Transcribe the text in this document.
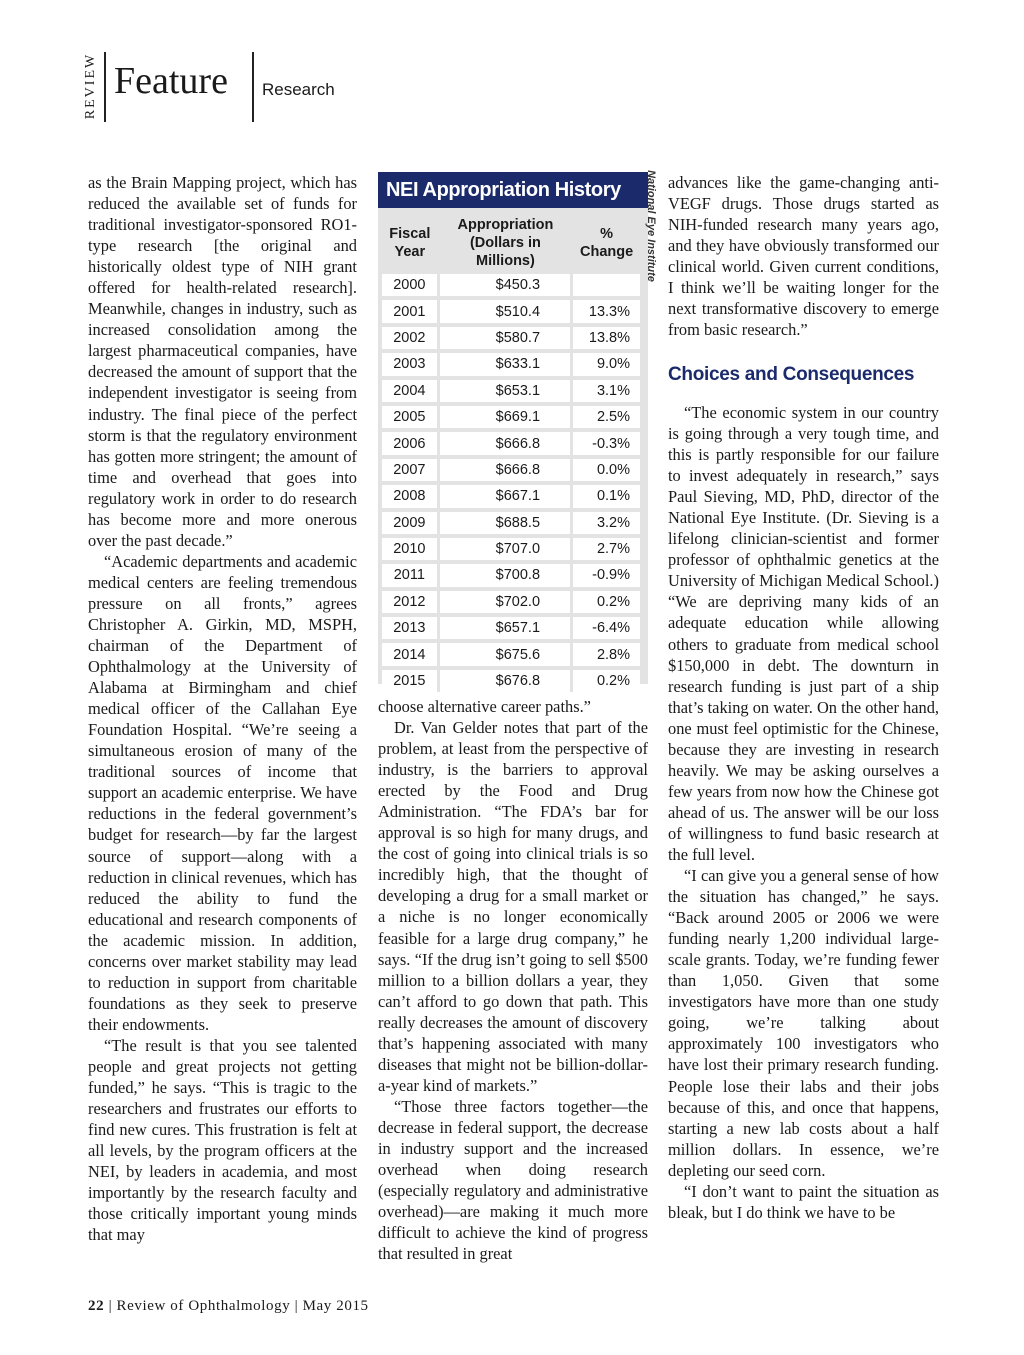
REVIEW Feature Research

as the Brain Mapping project, which has reduced the available set of funds for traditional investigator-sponsored RO1-type research [the original and historically oldest type of NIH grant offered for health-related research]. Meanwhile, changes in industry, such as increased consolidation among the largest pharmaceutical companies, have decreased the amount of support that the independent investigator is seeing from industry. The final piece of the perfect storm is that the regulatory environment has gotten more stringent; the amount of time and overhead that goes into regulatory work in order to do research has become more and more onerous over the past decade.”

“Academic departments and academic medical centers are feeling tremendous pressure on all fronts,” agrees Christopher A. Girkin, MD, MSPH, chairman of the Department of Ophthalmology at the University of Alabama at Birmingham and chief medical officer of the Callahan Eye Foundation Hospital. “We’re seeing a simultaneous erosion of many of the traditional sources of income that support an academic enterprise. We have reductions in the federal government’s budget for research—by far the largest source of support—along with a reduction in clinical revenues, which has reduced the ability to fund the educational and research components of the academic mission. In addition, concerns over market stability may lead to reduction in support from charitable foundations as they seek to preserve their endowments.

“The result is that you see talented people and great projects not getting funded,” he says. “This is tragic to the researchers and frustrates our efforts to find new cures. This frustration is felt at all levels, by the program officers at the NEI, by leaders in academia, and most importantly by the research faculty and those critically important young minds that may

NEI Appropriation History
Fiscal Year	Appropriation (Dollars in Millions)	% Change
2000	$450.3	
2001	$510.4	13.3%
2002	$580.7	13.8%
2003	$633.1	9.0%
2004	$653.1	3.1%
2005	$669.1	2.5%
2006	$666.8	-0.3%
2007	$666.8	0.0%
2008	$667.1	0.1%
2009	$688.5	3.2%
2010	$707.0	2.7%
2011	$700.8	-0.9%
2012	$702.0	0.2%
2013	$657.1	-6.4%
2014	$675.6	2.8%
2015	$676.8	0.2%
National Eye Institute

choose alternative career paths.”

Dr. Van Gelder notes that part of the problem, at least from the perspective of industry, is the barriers to approval erected by the Food and Drug Administration. “The FDA’s bar for approval is so high for many drugs, and the cost of going into clinical trials is so incredibly high, that the thought of developing a drug for a small market or a niche is no longer economically feasible for a large drug company,” he says. “If the drug isn’t going to sell $500 million to a billion dollars a year, they can’t afford to go down that path. This really decreases the amount of discovery that’s happening associated with many diseases that might not be billion-dollar-a-year kind of markets.”

“Those three factors together—the decrease in federal support, the decrease in industry support and the increased overhead when doing research (especially regulatory and administrative overhead)—are making it much more difficult to achieve the kind of progress that resulted in great

advances like the game-changing anti-VEGF drugs. Those drugs started as NIH-funded research many years ago, and they have obviously transformed our clinical world. Given current conditions, I think we’ll be waiting longer for the next transformative discovery to emerge from basic research.”

Choices and Consequences

“The economic system in our country is going through a very tough time, and this is partly responsible for our failure to invest adequately in research,” says Paul Sieving, MD, PhD, director of the National Eye Institute. (Dr. Sieving is a lifelong clinician-scientist and former professor of ophthalmic genetics at the University of Michigan Medical School.) “We are depriving many kids of an adequate education while allowing others to graduate from medical school $150,000 in debt. The downturn in research funding is just part of a ship that’s taking on water. On the other hand, one must feel optimistic for the Chinese, because they are investing in research heavily. We may be asking ourselves a few years from now how the Chinese got ahead of us. The answer will be our loss of willingness to fund basic research at the full level.

“I can give you a general sense of how the situation has changed,” he says. “Back around 2005 or 2006 we were funding nearly 1,200 individual large-scale grants. Today, we’re funding fewer than 1,050. Given that some investigators have more than one study going, we’re talking about approximately 100 investigators who have lost their primary research funding. People lose their labs and their jobs because of this, and once that happens, starting a new lab costs about a half million dollars. In essence, we’re depleting our seed corn.

“I don’t want to paint the situation as bleak, but I do think we have to be

22 | Review of Ophthalmology | May 2015
